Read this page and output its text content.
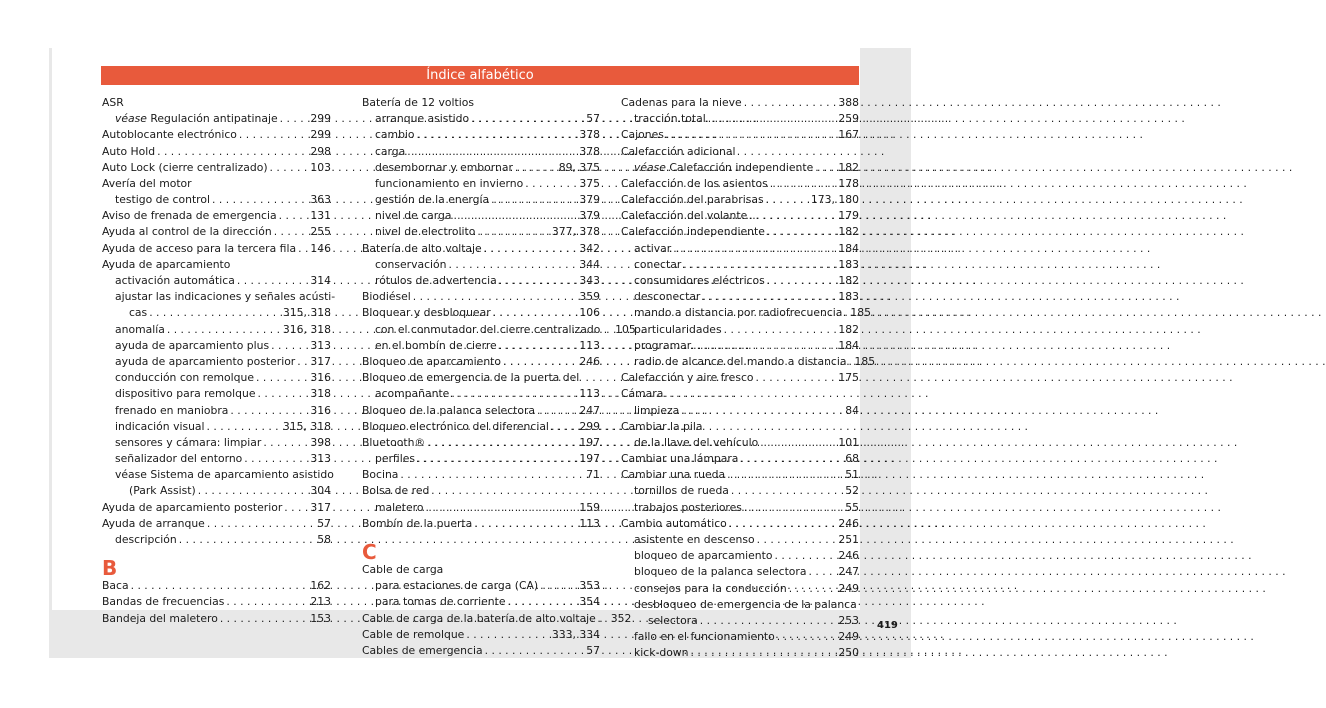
Índice alfabético
ASR
véase Regulación antipatinaje . . .	299
Autoblocante electrónico . . .	299
Auto Hold . . .	298
Auto Lock (cierre centralizado) . . .	103
Avería del motor
testigo de control . . .	363
Aviso de frenada de emergencia . . .	131
Ayuda al control de la dirección . . .	255
Ayuda de acceso para la tercera fila . . . 146
Ayuda de aparcamiento
activación automática . . .	314
ajustar las indicaciones y señales acústi-
cas . . .	315, 318
anomalía . . .	316, 318
ayuda de aparcamiento plus . . .	313
ayuda de aparcamiento posterior . . . 317
conducción con remolque . . .	316
dispositivo para remolque . . .	318
frenado en maniobra . . .	316
indicación visual . . .	315, 318
sensores y cámara: limpiar . . .	398
señalizador del entorno . . .	313
véase Sistema de aparcamiento asistido
(Park Assist) . . .	304
Ayuda de aparcamiento posterior . . .	317
Ayuda de arranque . . .	57
descripción . . .	58
B
Baca . . .	162
Bandas de frecuencias . . .	213
Bandeja del maletero . . .	153
Batería de 12 voltios
arranque asistido . . .	57
cambio . . .	378
carga . . .	378
desembornar y embornar . . .	89, 375
funcionamiento en invierno . . .	375
gestión de la energía . . .	379
nivel de carga . . .	379
nivel de electrolito . . .	377, 378
Batería de alto voltaje . . .	342
conservación . . .	344
rótulos de advertencia . . .	343
Biodiésel . . .	359
Bloquear y desbloquear . . .	106
con el conmutador del cierre centralizado . 105
en el bombín de cierre . . .	113
Bloqueo de aparcamiento . . .	246
Bloqueo de emergencia de la puerta del
acompañante . . .	113
Bloqueo de la palanca selectora . . .	247
Bloqueo electrónico del diferencial . . .	299
Bluetooth® . . .	197
perfiles . . .	197
Bocina . . .	71
Bolsa de red
maletero . . .	159
Bombín de la puerta . . .	113
C
Cable de carga
para estaciones de carga (CA) . . .	353
para tomas de corriente . . .	354
Cable de carga de la batería de alto voltaje . 352
Cable de remolque . . .	333, 334
Cables de emergencia . . .	57
Cadenas para la nieve . . .	388
tracción total . . .	259
Cajones . . .	167
Calefacción adicional
véase Calefacción independiente . . . 182
Calefacción de los asientos . . .	178
Calefacción del parabrisas . . .	173, 180
Calefacción del volante . . .	179
Calefacción independiente . . .	182
activar . . .	184
conectar . . .	183
consumidores eléctricos . . .	182
desconectar . . .	183
mando a distancia por radiofrecuencia . . . 185
particularidades . . .	182
programar . . .	184
radio de alcance del mando a distancia . . . 185
Calefacción y aire fresco . . .	175
Cámara
limpieza . . .	84
Cambiar la pila
de la llave del vehículo . . .	101
Cambiar una lámpara . . .	68
Cambiar una rueda . . .	51
tornillos de rueda . . .	52
trabajos posteriores . . .	55
Cambio automático . . .	246
asistente en descenso . . .	251
bloqueo de aparcamiento . . .	246
bloqueo de la palanca selectora . . .	247
consejos para la conducción . . .	249
desbloqueo de emergencia de la palanca
selectora . . .	253
fallo en el funcionamiento . . .	249
kick-down . . .	250
419
